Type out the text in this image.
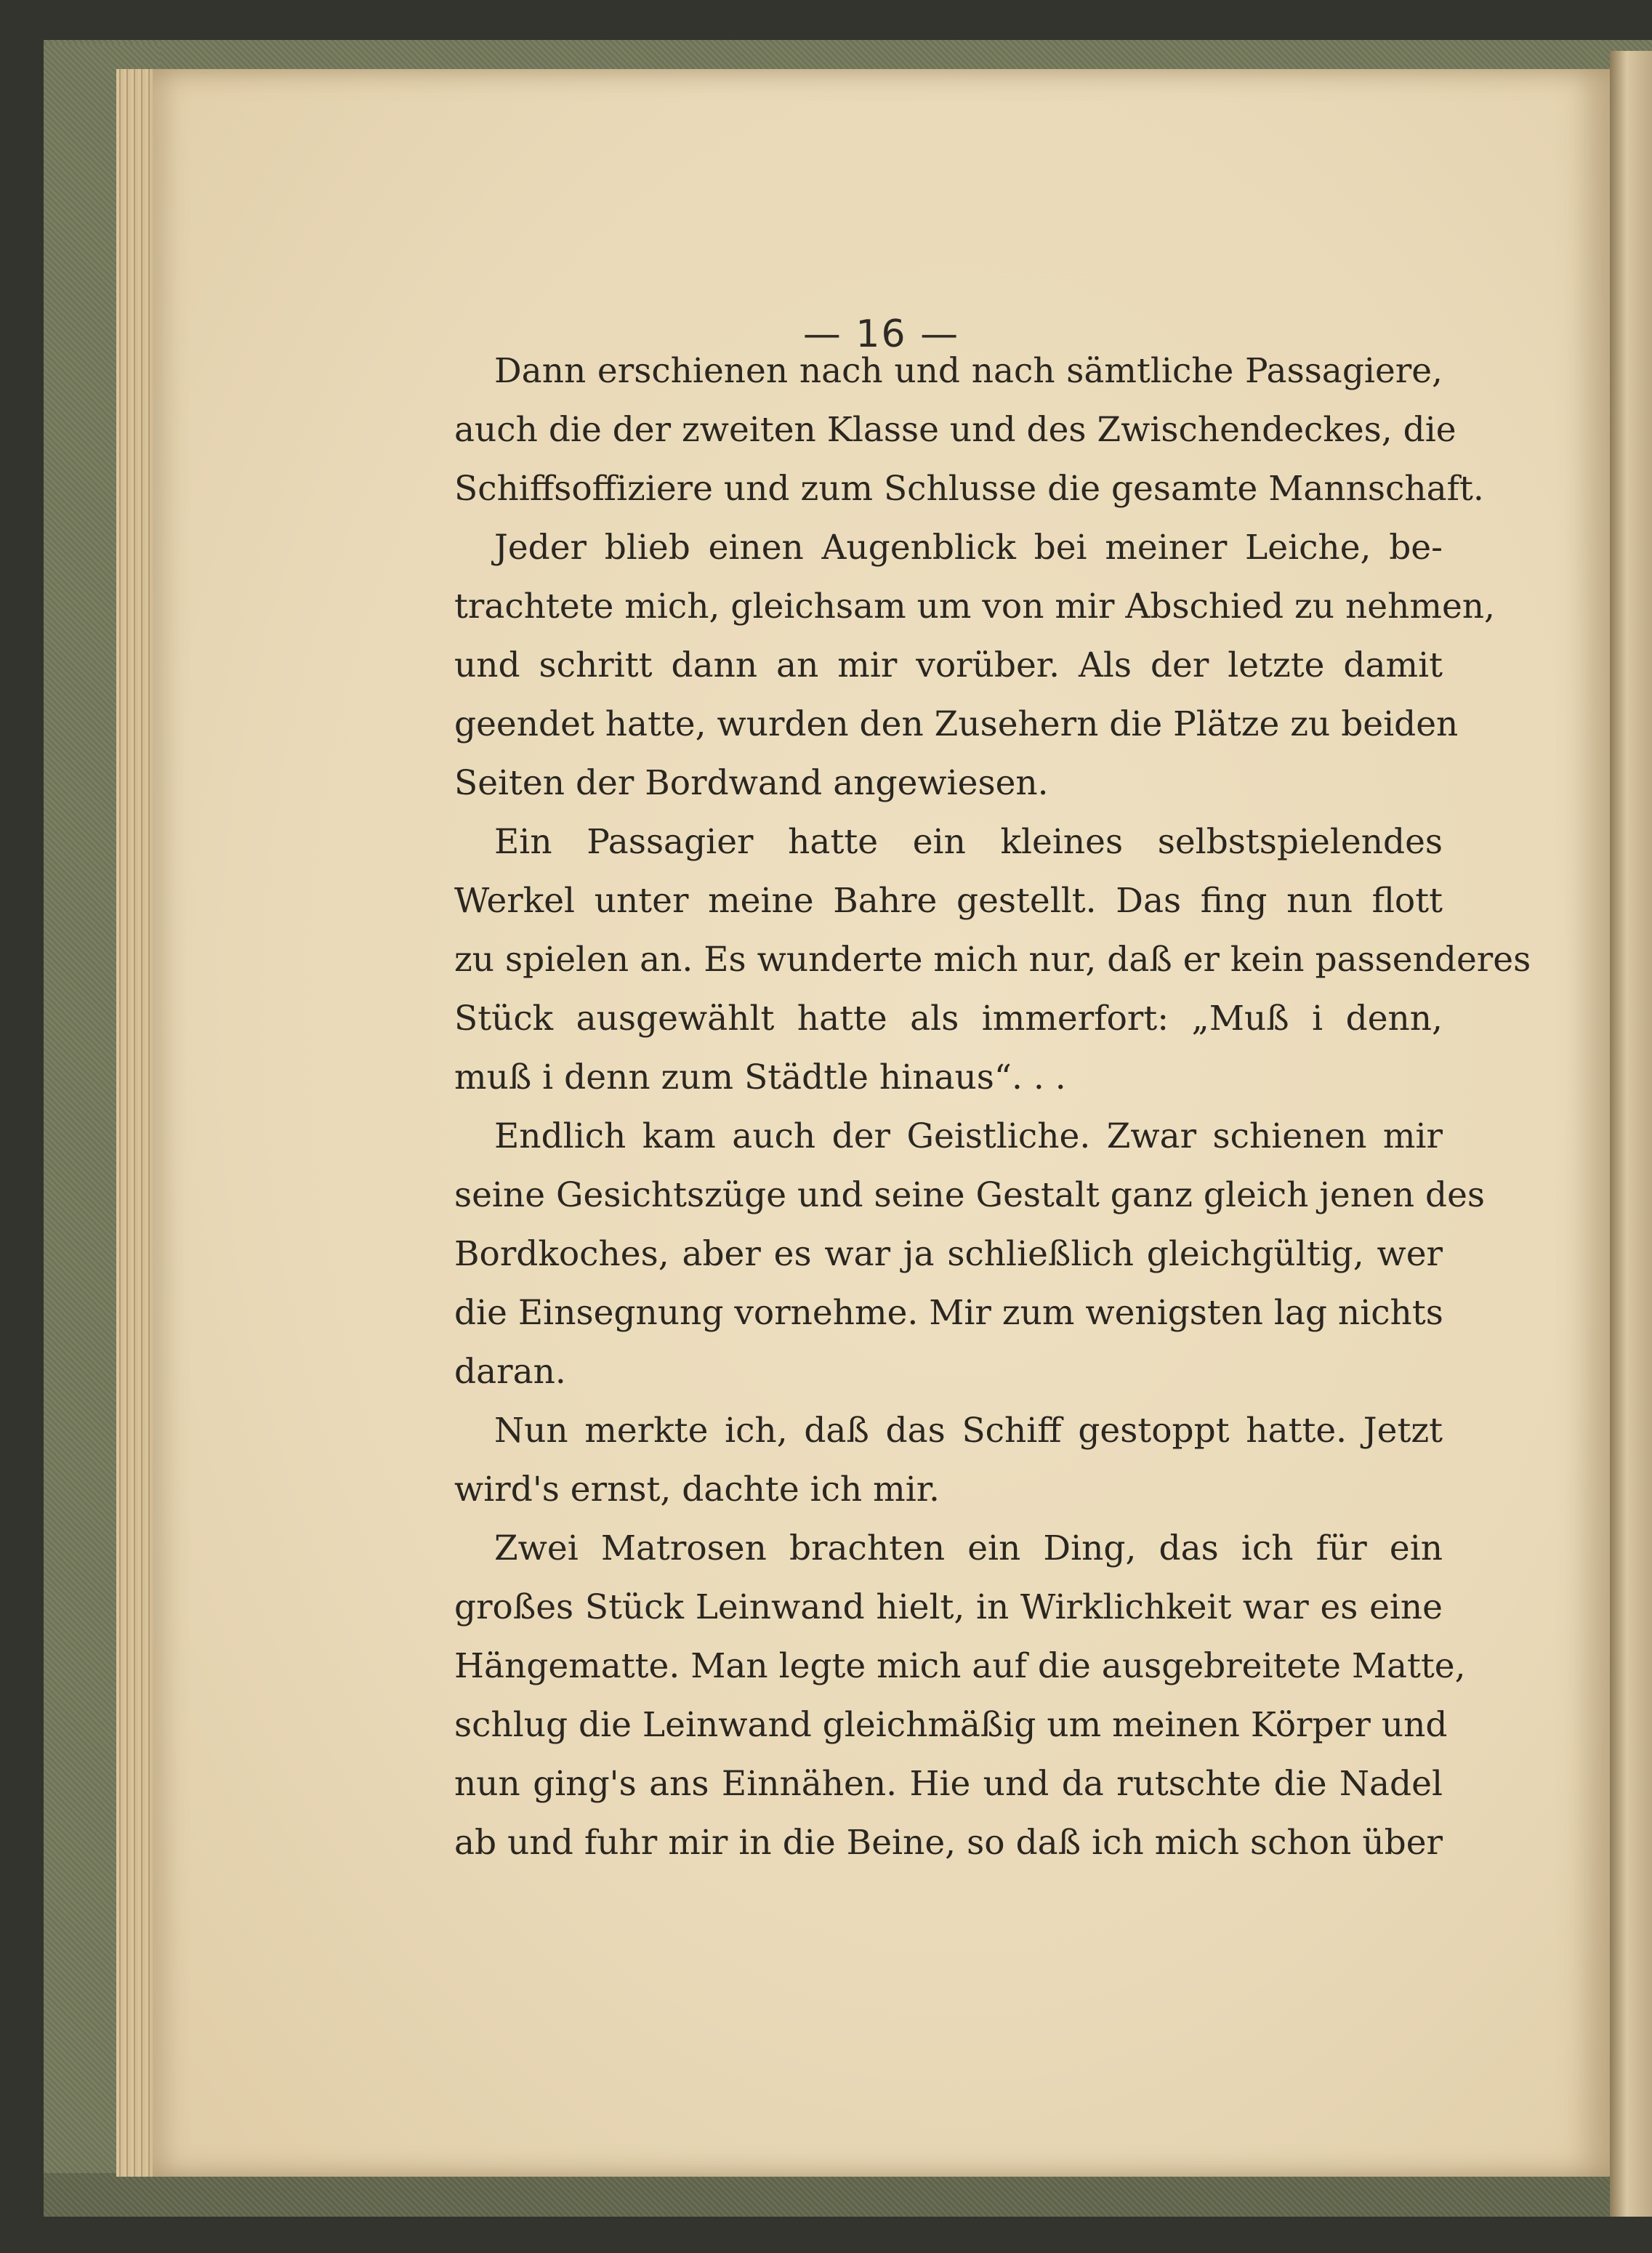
— 16 —
Dann erschienen nach und nach sämtliche Passagiere,
auch die der zweiten Klasse und des Zwischendeckes, die
Schiffsoffiziere und zum Schlusse die gesamte Mannschaft.
Jeder blieb einen Augenblick bei meiner Leiche, be-
trachtete mich, gleichsam um von mir Abschied zu nehmen,
und schritt dann an mir vorüber. Als der letzte damit
geendet hatte, wurden den Zusehern die Plätze zu beiden
Seiten der Bordwand angewiesen.
Ein Passagier hatte ein kleines selbstspielendes
Werkel unter meine Bahre gestellt. Das fing nun flott
zu spielen an. Es wunderte mich nur, daß er kein passenderes
Stück ausgewählt hatte als immerfort: „Muß i denn,
muß i denn zum Städtle hinaus“. . .
Endlich kam auch der Geistliche. Zwar schienen mir
seine Gesichtszüge und seine Gestalt ganz gleich jenen des
Bordkoches, aber es war ja schließlich gleichgültig, wer
die Einsegnung vornehme. Mir zum wenigsten lag nichts
daran.
Nun merkte ich, daß das Schiff gestoppt hatte. Jetzt
wird's ernst, dachte ich mir.
Zwei Matrosen brachten ein Ding, das ich für ein
großes Stück Leinwand hielt, in Wirklichkeit war es eine
Hängematte. Man legte mich auf die ausgebreitete Matte,
schlug die Leinwand gleichmäßig um meinen Körper und
nun ging's ans Einnähen. Hie und da rutschte die Nadel
ab und fuhr mir in die Beine, so daß ich mich schon über
